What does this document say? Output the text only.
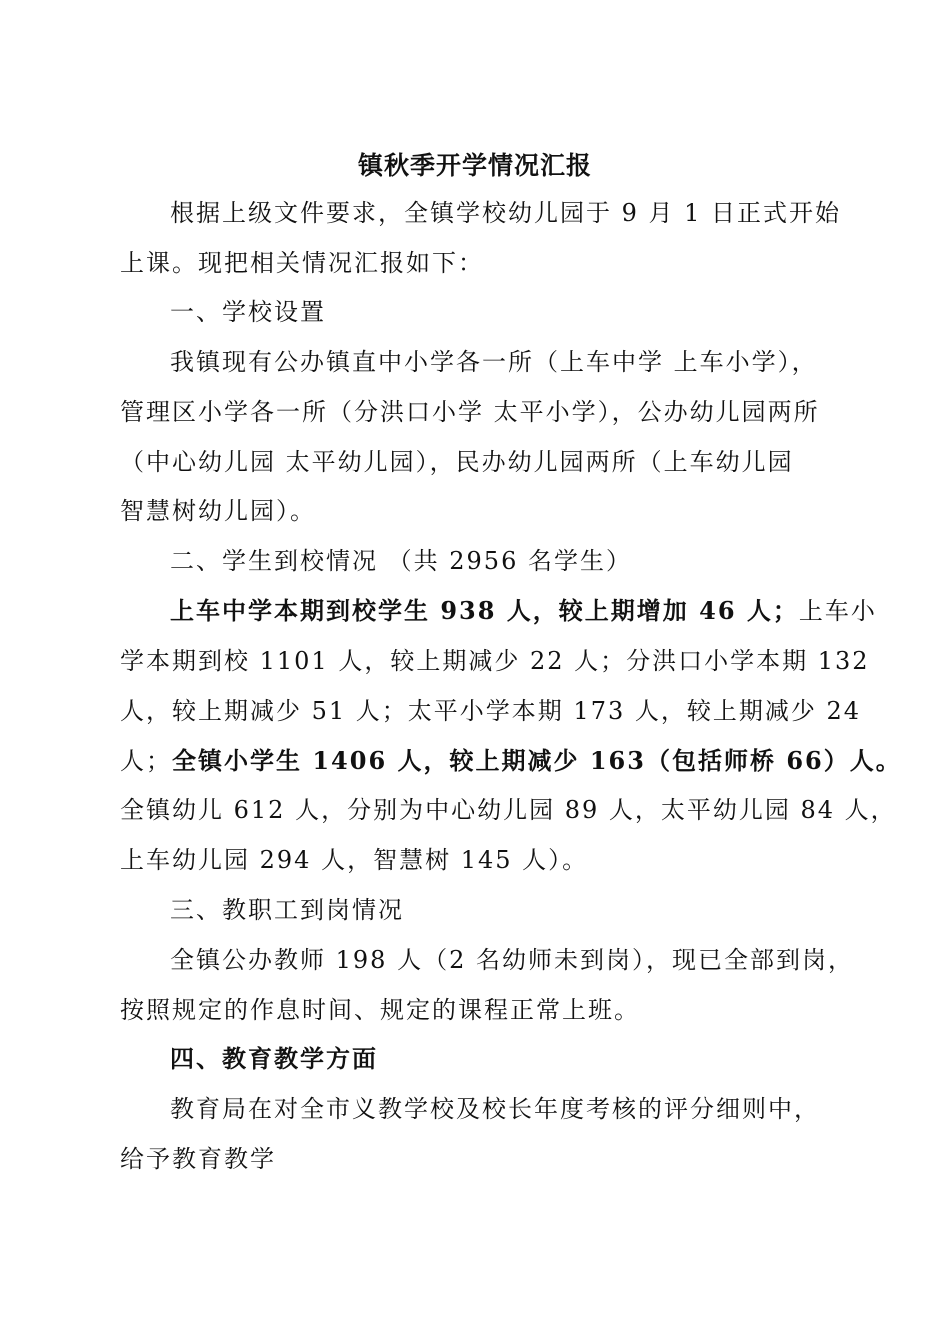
镇秋季开学情况汇报
根据上级文件要求，全镇学校幼儿园于 9 月 1 日正式开始
上课。现把相关情况汇报如下：
一、学校设置
我镇现有公办镇直中小学各一所（上车中学 上车小学），
管理区小学各一所（分洪口小学 太平小学），公办幼儿园两所
（中心幼儿园 太平幼儿园），民办幼儿园两所（上车幼儿园
智慧树幼儿园）。
二、学生到校情况 （共 2956 名学生）
上车中学本期到校学生 938 人，较上期增加 46 人；上车小
学本期到校 1101 人，较上期减少 22 人；分洪口小学本期 132
人，较上期减少 51 人；太平小学本期 173 人，较上期减少 24
人；全镇小学生 1406 人，较上期减少 163（包括师桥 66）人。
全镇幼儿 612 人，分别为中心幼儿园 89 人，太平幼儿园 84 人，
上车幼儿园 294 人，智慧树 145 人）。
三、教职工到岗情况
全镇公办教师 198 人（2 名幼师未到岗），现已全部到岗，
按照规定的作息时间、规定的课程正常上班。
四、教育教学方面
教育局在对全市义教学校及校长年度考核的评分细则中，
给予教育教学
